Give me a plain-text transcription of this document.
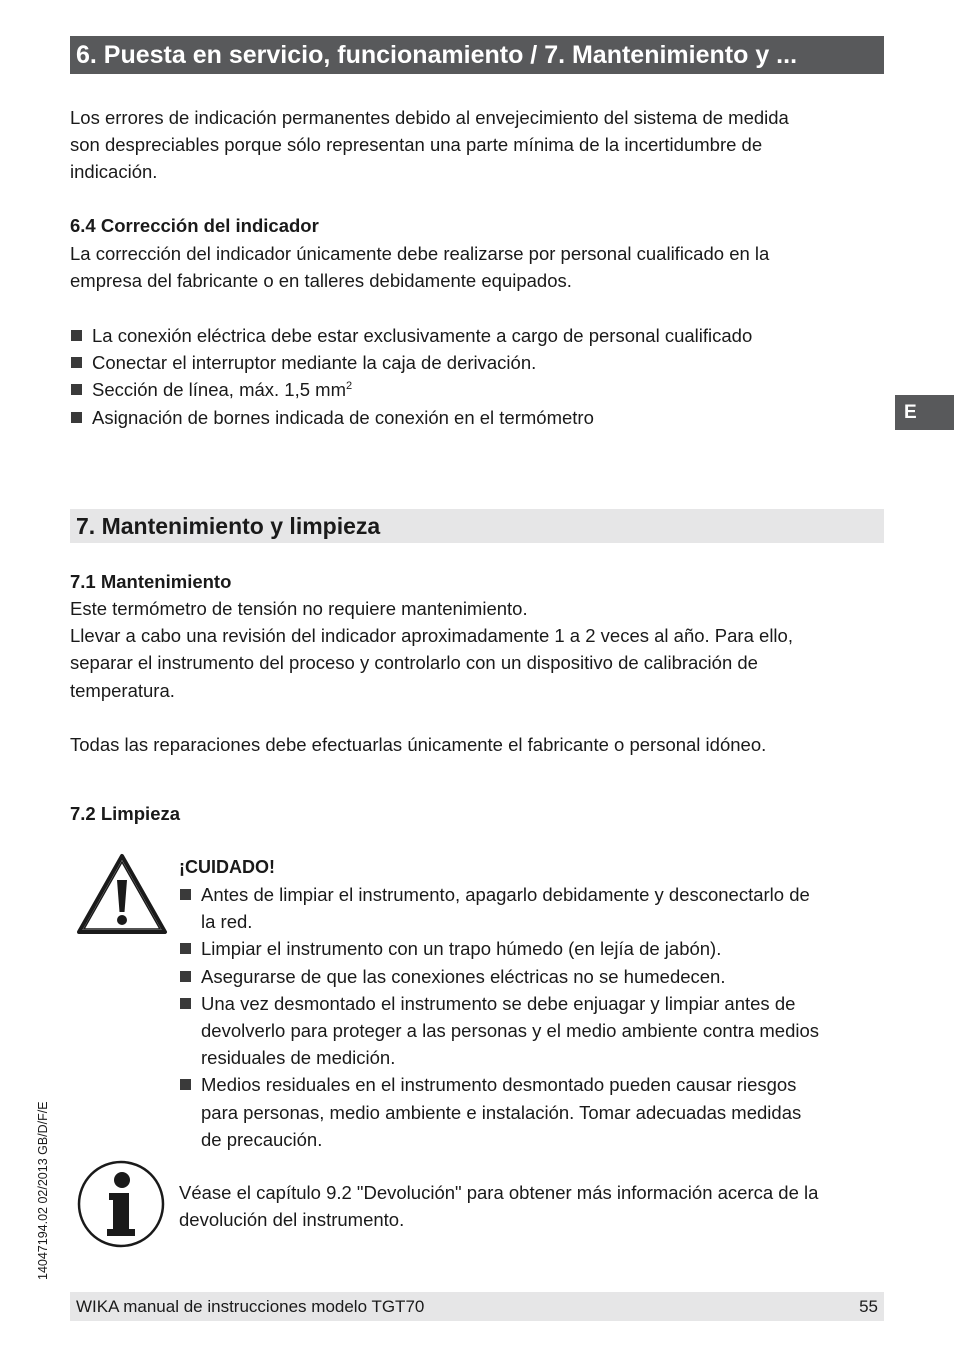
6. Puesta en servicio, funcionamiento / 7. Mantenimiento y ...
E
Los errores de indicación permanentes debido al envejecimiento del sistema de medida
son despreciables porque sólo representan una parte mínima de la incertidumbre de
indicación.
6.4 Corrección del indicador
La corrección del indicador únicamente debe realizarse por personal cualificado en la
empresa del fabricante o en talleres debidamente equipados.
La conexión eléctrica debe estar exclusivamente a cargo de personal cualificado
Conectar el interruptor mediante la caja de derivación.
Sección de línea, máx. 1,5 $mm^2$
Asignación de bornes indicada de conexión en el termómetro
7. Mantenimiento y limpieza
7.1 Mantenimiento
Este termómetro de tensión no requiere mantenimiento.
Llevar a cabo una revisión del indicador aproximadamente 1 a 2 veces al año. Para ello,
separar el instrumento del proceso y controlarlo con un dispositivo de calibración de
temperatura.
Todas las reparaciones debe efectuarlas únicamente el fabricante o personal idóneo.
7.2 Limpieza
¡CUIDADO!
Antes de limpiar el instrumento, apagarlo debidamente y desconectarlo de
la red.
Limpiar el instrumento con un trapo húmedo (en lejía de jabón).
Asegurarse de que las conexiones eléctricas no se humedecen.
Una vez desmontado el instrumento se debe enjuagar y limpiar antes de
devolverlo para proteger a las personas y el medio ambiente contra medios
residuales de medición.
Medios residuales en el instrumento desmontado pueden causar riesgos
para personas, medio ambiente e instalación. Tomar adecuadas medidas
de precaución.
Véase el capítulo 9.2 "Devolución" para obtener más información acerca de la
devolución del instrumento.
14047194.02 02/2013 GB/D/F/E
WIKA manual de instrucciones modelo TGT70	55
